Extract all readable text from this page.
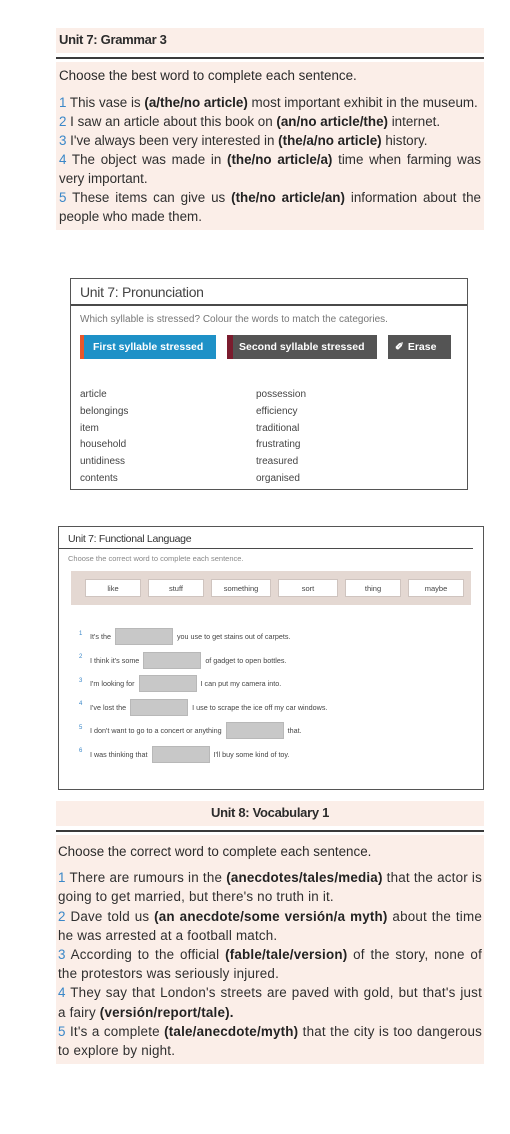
Unit 7: Grammar 3
Choose the best word to complete each sentence.
1 This vase is (a/the/no article) most important exhibit in the museum.
2 I saw an article about this book on (an/no article/the) internet.
3 I've always been very interested in (the/a/no article) history.
4 The object was made in (the/no article/a) time when farming was very important.
5 These items can give us (the/no article/an) information about the people who made them.
Unit 7: Pronunciation
Which syllable is stressed? Colour the words to match the categories.
First syllable stressed	Second syllable stressed	✐ Erase
article
belongings
item
household
untidiness
contents
possession
efficiency
traditional
frustrating
treasured
organised
Unit 7: Functional Language
Choose the correct word to complete each sentence.
like	stuff	something	sort	thing	maybe
1	It's the	you use to get stains out of carpets.
2	I think it's some	of gadget to open bottles.
3	I'm looking for	I can put my camera into.
4	I've lost the	I use to scrape the ice off my car windows.
5	I don't want to go to a concert or anything	that.
6	I was thinking that	I'll buy some kind of toy.
Unit 8: Vocabulary 1
Choose the correct word to complete each sentence.
1 There are rumours in the (anecdotes/tales/media) that the actor is going to get married, but there's no truth in it.
2 Dave told us (an anecdote/some versión/a myth) about the time he was arrested at a football match.
3 According to the official (fable/tale/version) of the story, none of the protestors was seriously injured.
4 They say that London's streets are paved with gold, but that's just a fairy (versión/report/tale).
5 It's a complete (tale/anecdote/myth) that the city is too dangerous to explore by night.
